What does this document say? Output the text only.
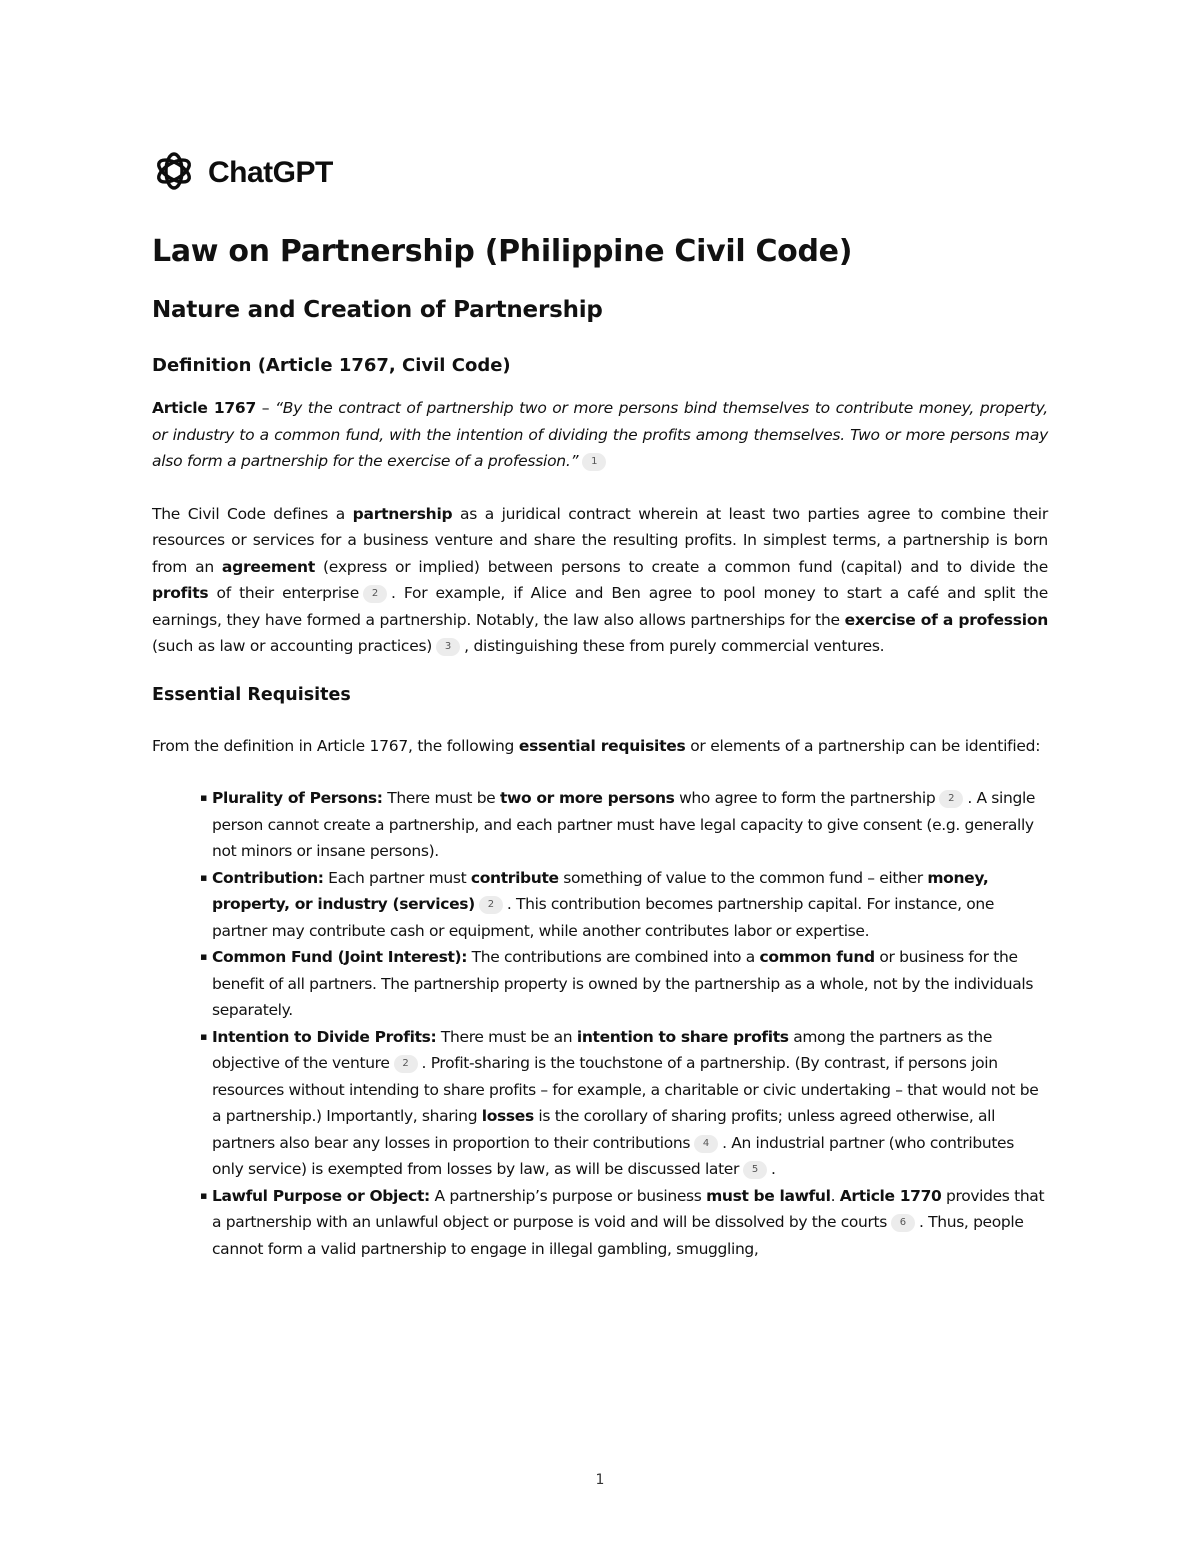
ChatGPT
Law on Partnership (Philippine Civil Code)
Nature and Creation of Partnership
Definition (Article 1767, Civil Code)

Article 1767 – “By the contract of partnership two or more persons bind themselves to contribute money, property, or industry to a common fund, with the intention of dividing the profits among themselves. Two or more persons may also form a partnership for the exercise of a profession.” 1

The Civil Code defines a partnership as a juridical contract wherein at least two parties agree to combine their resources or services for a business venture and share the resulting profits. In simplest terms, a partnership is born from an agreement (express or implied) between persons to create a common fund (capital) and to divide the profits of their enterprise 2 . For example, if Alice and Ben agree to pool money to start a café and split the earnings, they have formed a partnership. Notably, the law also allows partnerships for the exercise of a profession (such as law or accounting practices) 3 , distinguishing these from purely commercial ventures.

Essential Requisites

From the definition in Article 1767, the following essential requisites or elements of a partnership can be identified:

▪ Plurality of Persons: There must be two or more persons who agree to form the partnership 2 . A single person cannot create a partnership, and each partner must have legal capacity to give consent (e.g. generally not minors or insane persons).
▪ Contribution: Each partner must contribute something of value to the common fund – either money, property, or industry (services) 2 . This contribution becomes partnership capital. For instance, one partner may contribute cash or equipment, while another contributes labor or expertise.
▪ Common Fund (Joint Interest): The contributions are combined into a common fund or business for the benefit of all partners. The partnership property is owned by the partnership as a whole, not by the individuals separately.
▪ Intention to Divide Profits: There must be an intention to share profits among the partners as the objective of the venture 2 . Profit-sharing is the touchstone of a partnership. (By contrast, if persons join resources without intending to share profits – for example, a charitable or civic undertaking – that would not be a partnership.) Importantly, sharing losses is the corollary of sharing profits; unless agreed otherwise, all partners also bear any losses in proportion to their contributions 4 . An industrial partner (who contributes only service) is exempted from losses by law, as will be discussed later 5 .
▪ Lawful Purpose or Object: A partnership’s purpose or business must be lawful. Article 1770 provides that a partnership with an unlawful object or purpose is void and will be dissolved by the courts 6 . Thus, people cannot form a valid partnership to engage in illegal gambling, smuggling,
1
